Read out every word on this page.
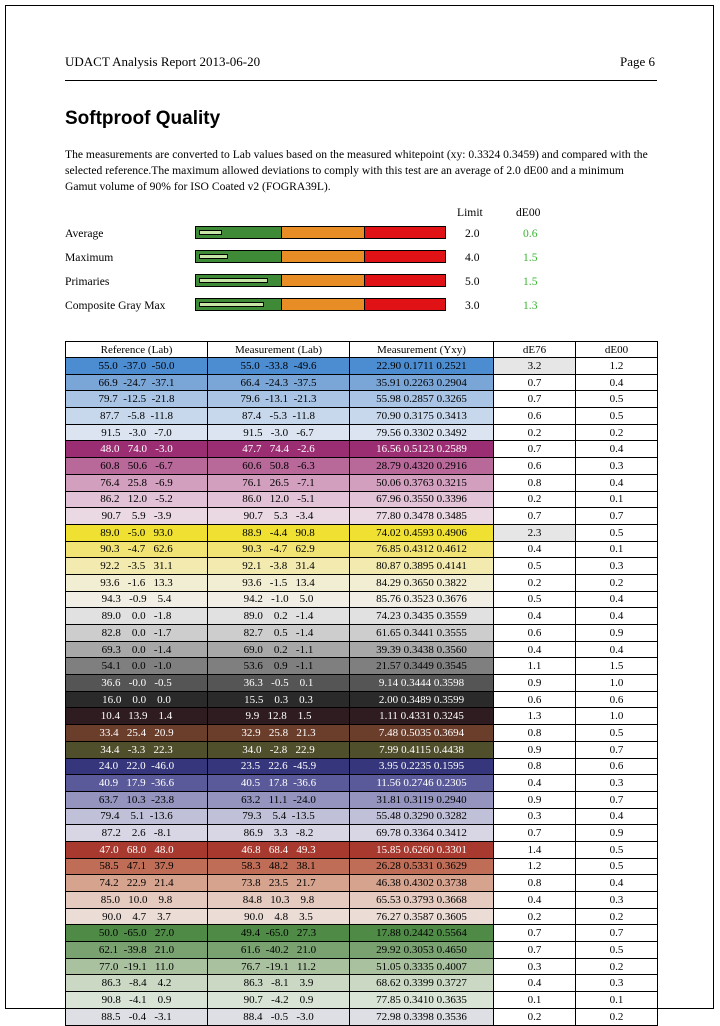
UDACT Analysis Report 2013-06-20	Page 6
Softproof Quality

The measurements are converted to Lab values based on the measured whitepoint (xy: 0.3324 0.3459) and compared with the selected reference.The maximum allowed deviations to comply with this test are an average of 2.0 dE00 and a minimum Gamut volume of 90% for ISO Coated v2 (FOGRA39L).

Limit	dE00
Average	2.0	0.6
Maximum	4.0	1.5
Primaries	5.0	1.5
Composite Gray Max	3.0	1.3
Reference (Lab)	Measurement (Lab)	Measurement (Yxy)	dE76	dE00
55.0  -37.0  -50.0	55.0  -33.8  -49.6	22.90 0.1711 0.2521	3.2	1.2
66.9  -24.7  -37.1	66.4  -24.3  -37.5	35.91 0.2263 0.2904	0.7	0.4
79.7  -12.5  -21.8	79.6  -13.1  -21.3	55.98 0.2857 0.3265	0.7	0.5
87.7   -5.8  -11.8	87.4   -5.3  -11.8	70.90 0.3175 0.3413	0.6	0.5
91.5   -3.0   -7.0	91.5   -3.0   -6.7	79.56 0.3302 0.3492	0.2	0.2
48.0   74.0   -3.0	47.7   74.4   -2.6	16.56 0.5123 0.2589	0.7	0.4
60.8   50.6   -6.7	60.6   50.8   -6.3	28.79 0.4320 0.2916	0.6	0.3
76.4   25.8   -6.9	76.1   26.5   -7.1	50.06 0.3763 0.3215	0.8	0.4
86.2   12.0   -5.2	86.0   12.0   -5.1	67.96 0.3550 0.3396	0.2	0.1
90.7    5.9   -3.9	90.7    5.3   -3.4	77.80 0.3478 0.3485	0.7	0.7
89.0   -5.0   93.0	88.9   -4.4   90.8	74.02 0.4593 0.4906	2.3	0.5
90.3   -4.7   62.6	90.3   -4.7   62.9	76.85 0.4312 0.4612	0.4	0.1
92.2   -3.5   31.1	92.1   -3.8   31.4	80.87 0.3895 0.4141	0.5	0.3
93.6   -1.6   13.3	93.6   -1.5   13.4	84.29 0.3650 0.3822	0.2	0.2
94.3   -0.9    5.4	94.2   -1.0    5.0	85.76 0.3523 0.3676	0.5	0.4
89.0    0.0   -1.8	89.0    0.2   -1.4	74.23 0.3435 0.3559	0.4	0.4
82.8    0.0   -1.7	82.7    0.5   -1.4	61.65 0.3441 0.3555	0.6	0.9
69.3    0.0   -1.4	69.0    0.2   -1.1	39.39 0.3438 0.3560	0.4	0.4
54.1    0.0   -1.0	53.6    0.9   -1.1	21.57 0.3449 0.3545	1.1	1.5
36.6   -0.0   -0.5	36.3   -0.5    0.1	9.14 0.3444 0.3598	0.9	1.0
16.0    0.0    0.0	15.5    0.3    0.3	2.00 0.3489 0.3599	0.6	0.6
10.4   13.9    1.4	9.9   12.8    1.5	1.11 0.4331 0.3245	1.3	1.0
33.4   25.4   20.9	32.9   25.8   21.3	7.48 0.5035 0.3694	0.8	0.5
34.4   -3.3   22.3	34.0   -2.8   22.9	7.99 0.4115 0.4438	0.9	0.7
24.0   22.0  -46.0	23.5   22.6  -45.9	3.95 0.2235 0.1595	0.8	0.6
40.9   17.9  -36.6	40.5   17.8  -36.6	11.56 0.2746 0.2305	0.4	0.3
63.7   10.3  -23.8	63.2   11.1  -24.0	31.81 0.3119 0.2940	0.9	0.7
79.4    5.1  -13.6	79.3    5.4  -13.5	55.48 0.3290 0.3282	0.3	0.4
87.2    2.6   -8.1	86.9    3.3   -8.2	69.78 0.3364 0.3412	0.7	0.9
47.0   68.0   48.0	46.8   68.4   49.3	15.85 0.6260 0.3301	1.4	0.5
58.5   47.1   37.9	58.3   48.2   38.1	26.28 0.5331 0.3629	1.2	0.5
74.2   22.9   21.4	73.8   23.5   21.7	46.38 0.4302 0.3738	0.8	0.4
85.0   10.0    9.8	84.8   10.3    9.8	65.53 0.3793 0.3668	0.4	0.3
90.0    4.7    3.7	90.0    4.8    3.5	76.27 0.3587 0.3605	0.2	0.2
50.0  -65.0   27.0	49.4  -65.0   27.3	17.88 0.2442 0.5564	0.7	0.7
62.1  -39.8   21.0	61.6  -40.2   21.0	29.92 0.3053 0.4650	0.7	0.5
77.0  -19.1   11.0	76.7  -19.1   11.2	51.05 0.3335 0.4007	0.3	0.2
86.3   -8.4    4.2	86.3   -8.1    3.9	68.62 0.3399 0.3727	0.4	0.3
90.8   -4.1    0.9	90.7   -4.2    0.9	77.85 0.3410 0.3635	0.1	0.1
88.5   -0.4   -3.1	88.4   -0.5   -3.0	72.98 0.3398 0.3536	0.2	0.2
